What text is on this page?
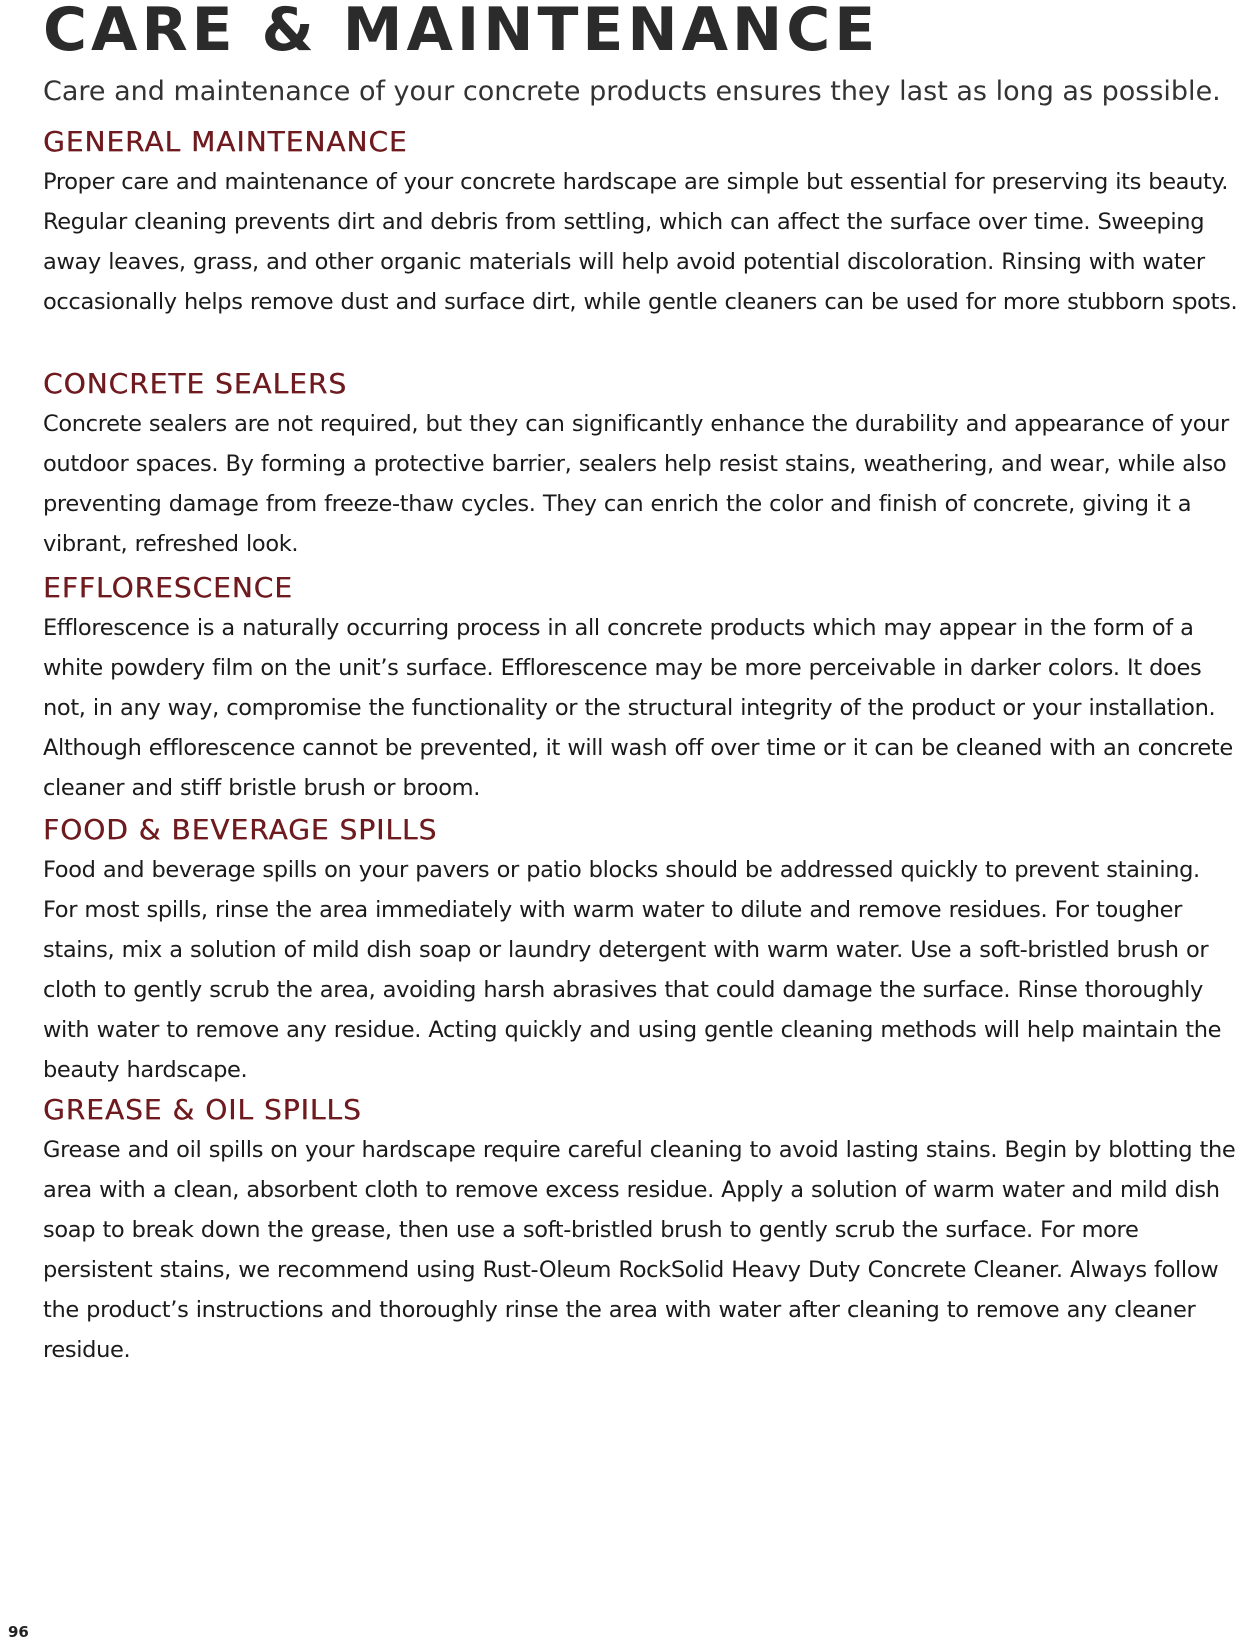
CARE & MAINTENANCE

Care and maintenance of your concrete products ensures they last as long as possible.

GENERAL MAINTENANCE

Proper care and maintenance of your concrete hardscape are simple but essential for preserving its beauty. Regular cleaning prevents dirt and debris from settling, which can affect the surface over time. Sweeping away leaves, grass, and other organic materials will help avoid potential discoloration. Rinsing with water occasionally helps remove dust and surface dirt, while gentle cleaners can be used for more stubborn spots.

CONCRETE SEALERS

Concrete sealers are not required, but they can significantly enhance the durability and appearance of your outdoor spaces. By forming a protective barrier, sealers help resist stains, weathering, and wear, while also preventing damage from freeze-thaw cycles. They can enrich the color and finish of concrete, giving it a vibrant, refreshed look.

EFFLORESCENCE

Efflorescence is a naturally occurring process in all concrete products which may appear in the form of a white powdery film on the unit’s surface. Efflorescence may be more perceivable in darker colors. It does not, in any way, compromise the functionality or the structural integrity of the product or your installation. Although efflorescence cannot be prevented, it will wash off over time or it can be cleaned with an concrete cleaner and stiff bristle brush or broom.

FOOD & BEVERAGE SPILLS

Food and beverage spills on your pavers or patio blocks should be addressed quickly to prevent staining. For most spills, rinse the area immediately with warm water to dilute and remove residues. For tougher stains, mix a solution of mild dish soap or laundry detergent with warm water. Use a soft-bristled brush or cloth to gently scrub the area, avoiding harsh abrasives that could damage the surface. Rinse thoroughly with water to remove any residue. Acting quickly and using gentle cleaning methods will help maintain the beauty hardscape.

GREASE & OIL SPILLS

Grease and oil spills on your hardscape require careful cleaning to avoid lasting stains. Begin by blotting the area with a clean, absorbent cloth to remove excess residue. Apply a solution of warm water and mild dish soap to break down the grease, then use a soft-bristled brush to gently scrub the surface. For more persistent stains, we recommend using Rust-Oleum RockSolid Heavy Duty Concrete Cleaner. Always follow the product’s instructions and thoroughly rinse the area with water after cleaning to remove any cleaner residue.

96
